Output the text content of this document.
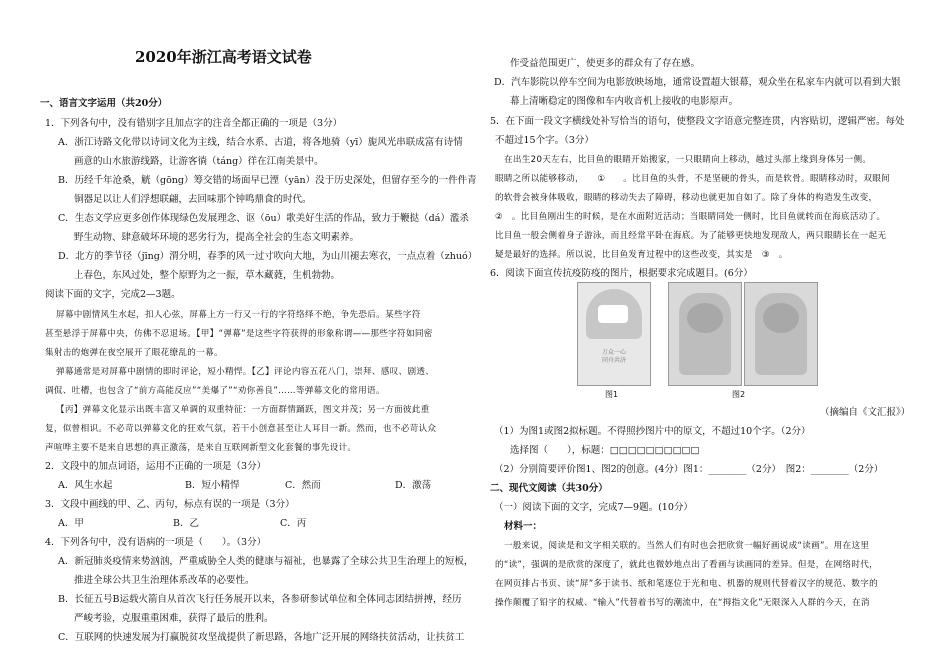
2020年浙江高考语文试卷
一、语言文字运用（共20分）
1．下列各句中，没有错别字且加点字的注音全都正确的一项是（3分）
A．浙江诗路文化带以诗词文化为主线，结合水系、古道，将各地骑（yī）旎风光串联成富有诗情
画意的山水旅游线路，让游客徜（táng）徉在江南美景中。
B．历经千年沧桑，觥（gōng）筹交错的场面早已湮（yān）没于历史深处，但留存至今的一件件青
铜器足以让人们浮想联翩，去回味那个钟鸣鼎食的时代。
C．生态文学应更多创作体现绿色发展理念、讴（ōu）歌美好生活的作品，致力于鞭挞（dá）濫杀
野生动物、肆意破坏环境的恶劣行为，提高全社会的生态文明素养。
D．北方的季节径（jīng）渭分明，春季的风一过寸吹向大地，为山川褪去寒衣，一点点着（zhuó）
上春色，东风过处，整个原野为之一振，草木藏蕤，生机勃勃。
阅读下面的文字，完成2—3题。
屏幕中剧情风生水起，扣人心弦，屏幕上方一行又一行的字符络绎不绝，争先恐后。某些字符
甚至悬浮于屏幕中央，仿佛不忍退场。【甲】“弹幕”是这些字符获得的形象称谓——那些字符如同密
集射击的炮弹在夜空展开了眼花缭乱的一幕。
弹幕通常是对屏幕中剧情的即时评论，短小精悍。【乙】评论内容五花八门，崇拜、感叹、剧透、
调侃、吐槽，也包含了“前方高能反应”“美爆了”“劝你善良”……等弹幕文化的常用语。
【丙】弹幕文化显示出既丰富又单调的双重特征：一方面群情踊跃，图文并茂；另一方面彼此重
复，似曾相识。不必苛以弹幕文化的狂欢气氛，若干小创意甚至让人耳目一新。然而，也不必苛认众
声喧哗主要不是来自思想的真正激荡，是来自互联网新型文化套餐的事先设计。
2．文段中的加点词语，运用不正确的一项是（3分）
A．风生水起	B．短小精悍	C．然而	D．激荡
3．文段中画线的甲、乙、丙句，标点有误的一项是（3分）
A．甲	B．乙	C．丙
4．下列各句中，没有语病的一项是（　　）。（3分）
A．新冠肺炎疫情来势汹汹，严重威胁全人类的健康与福祉，也暴露了全球公共卫生治理上的短板，
推进全球公共卫生治理体系改革的必要性。
B．长征五号B运载火箭自从首次飞行任务展开以来，各参研参试单位和全体同志团结拼搏，经历
严峻考验，克服重重困难，获得了最后的胜利。
C．互联网的快速发展为打赢脱贫攻坚战提供了新思路，各地广泛开展的网络扶贫活动，让扶贫工
万众一心
同舟共济
图1	图2
作受益范围更广，使更多的群众有了存在感。
D．汽车影院以停车空间为电影放映场地，通常设置超大银幕，观众坐在私家车内就可以看到大银
幕上清晰稳定的图像和车内收音机上接收的电影原声。
5．在下面一段文字横线处补写恰当的语句，使整段文字语意完整连贯，内容贴切，逻辑严密。每处
不超过15个字。（3分）
在出生20天左右，比目鱼的眼睛开始搬家，一只眼睛向上移动，越过头部上缘到身体另一侧。
眼睛之所以能够移动，　　①　　。比目鱼的头骨，不是坚硬的骨头，而是软骨。眼睛移动时，双眼间
的软骨会被身体吸收，眼睛的移动失去了障碍，移动也就更加自如了。除了身体的构造发生改变，
②　。比目鱼刚出生的时候，是在水面附近活动；当眼睛同处一侧时，比目鱼就转而在海底活动了。
比目鱼一般会侧着身子游泳，而且经常平卧在海底。为了能够更快地发现敌人，两只眼睛长在一起无
疑是最好的选择。所以说，比目鱼发育过程中的这些改变，其实是　③　。
6．阅读下面宣传抗疫防疫的图片，根据要求完成题目。(6分）
（摘编自《文汇报》）
（1）为图1或图2拟标题。不得照抄图片中的原文，不超过10个字。（2分）
选择图（　　），标题：□□□□□□□□□□
（2）分别简要评价图1、图2的创意。(4分）图1：________（2分）　图2：________（2分）
二、现代文阅读（共30分）
（一）阅读下面的文字，完成7—9题。(10分）
材料一：
一般来说，阅读是和文字相关联的。当然人们有时也会把欣赏一幅好画说成“读画”。用在这里
的“读”，强调的是欣赏的深度了，就此也微妙地点出了看画与读画同的差异。但是，在网络时代，
在网页排占书页、读“屏”多于读书、纸和笔逐位于光和电、机器的规则代替着汉字的规范、数字的
操作颠覆了铅字的权威、“输入”代替着书写的潮流中，在“拇指文化”无限深入人群的今天，在消
